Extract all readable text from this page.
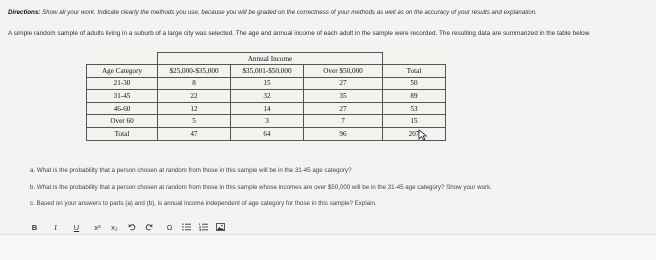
Directions: Show all your work. Indicate clearly the methods you use, because you will be graded on the correctness of your methods as well as on the accuracy of your results and explanation.
A simple random sample of adults living in a suburb of a large city was selected. The age and annual income of each adult in the sample were recorded. The resulting data are summarized in the table below.
	Annual Income			
Age Category	$25,000-$35,000	$35,001-$50,000	Over $50,000	Total
21-30	8	15	27	50
31-45	22	32	35	89
46-60	12	14	27	53
Over 60	5	3	7	15
Total	47	64	96	207
a. What is the probability that a person chosen at random from those in this sample will be in the 31-45 age category?
b. What is the probability that a person chosen at random from those in this sample whose incomes are over $50,000 will be in the 31-45 age category? Show your work.
c. Based on your answers to parts (a) and (b), is annual income independent of age category for those in this sample? Explain.
B	I	U	x²	x₂	Ω
